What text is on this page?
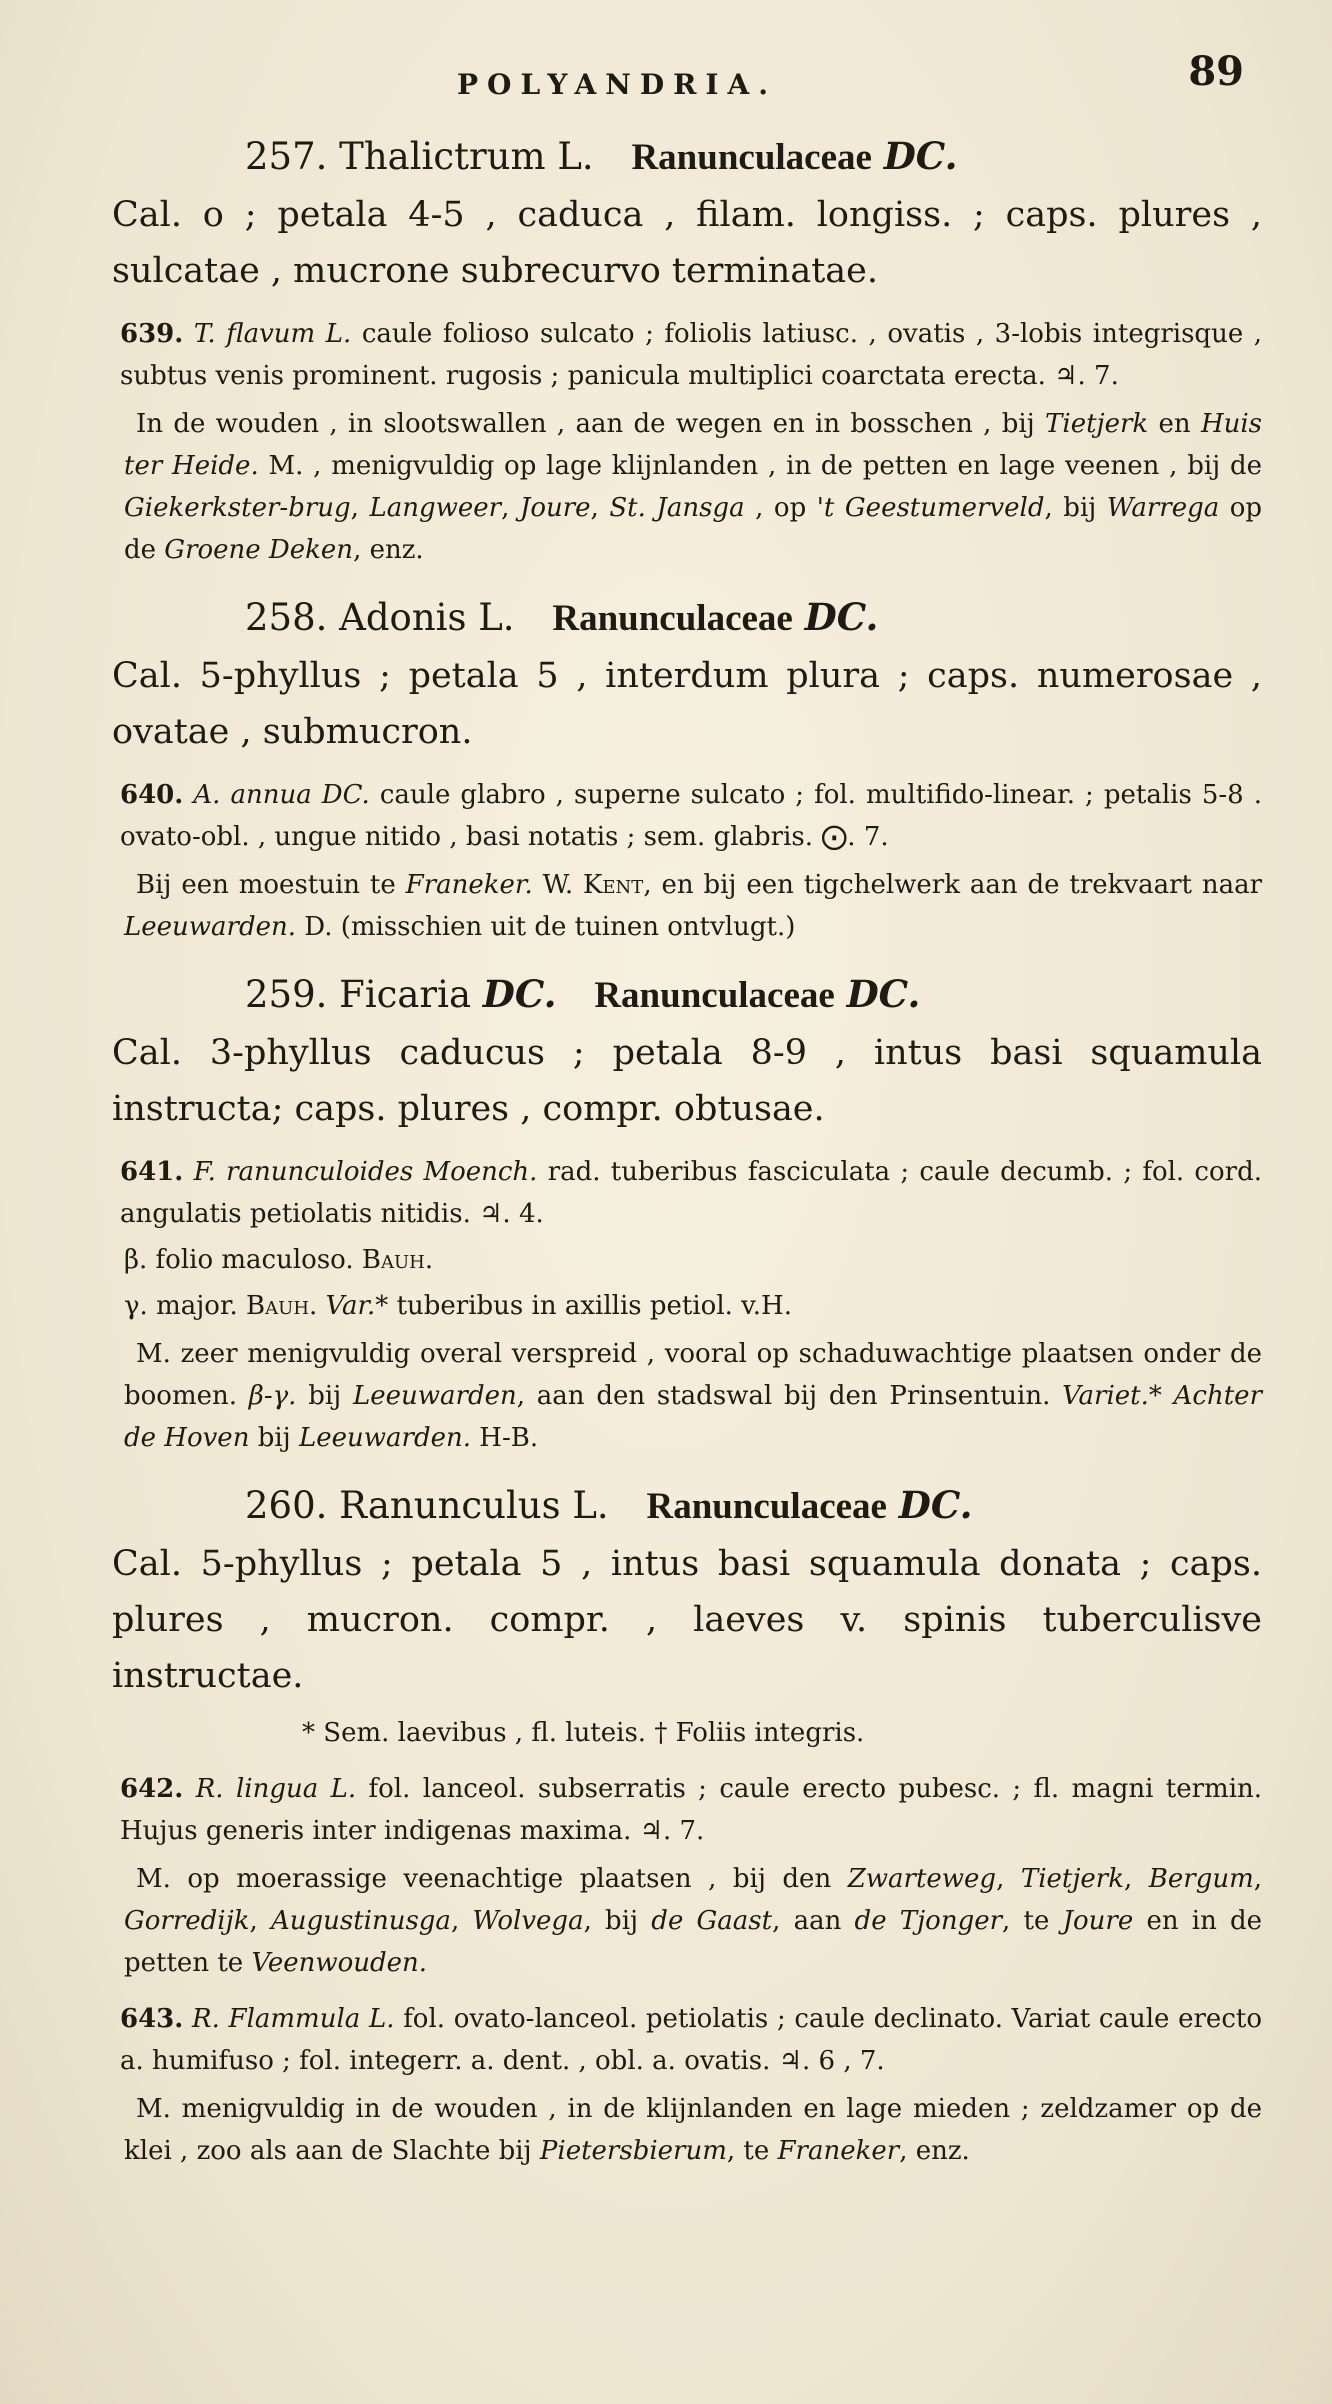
POLYANDRIA.	89
257. Thalictrum L. Ranunculaceae DC.

Cal. o ; petala 4-5 , caduca , filam. longiss. ; caps. plures , sulcatae , mucrone subrecurvo terminatae.

639. T. flavum L. caule folioso sulcato ; foliolis latiusc. , ovatis , 3-lobis integrisque , subtus venis prominent. rugosis ; panicula multiplici coarctata erecta. ♃. 7.

In de wouden , in slootswallen , aan de wegen en in bosschen , bij Tietjerk en Huis ter Heide. M. , menigvuldig op lage klijnlanden , in de petten en lage veenen , bij de Giekerkster-brug, Langweer, Joure, St. Jansga , op 't Geestumerveld, bij Warrega op de Groene Deken, enz.

258. Adonis L. Ranunculaceae DC.

Cal. 5-phyllus ; petala 5 , interdum plura ; caps. numerosae , ovatae , submucron.

640. A. annua DC. caule glabro , superne sulcato ; fol. multifido-linear. ; petalis 5-8 . ovato-obl. , ungue nitido , basi notatis ; sem. glabris. ⨀. 7.

Bij een moestuin te Franeker. W. Kent, en bij een tigchelwerk aan de trekvaart naar Leeuwarden. D. (misschien uit de tuinen ontvlugt.)

259. Ficaria DC. Ranunculaceae DC.

Cal. 3-phyllus caducus ; petala 8-9 , intus basi squamula instructa; caps. plures , compr. obtusae.

641. F. ranunculoides Moench. rad. tuberibus fasciculata ; caule decumb. ; fol. cord. angulatis petiolatis nitidis. ♃. 4.

β. folio maculoso. Bauh.

γ. major. Bauh. Var.* tuberibus in axillis petiol. v.H.

M. zeer menigvuldig overal verspreid , vooral op schaduwachtige plaatsen onder de boomen. β-γ. bij Leeuwarden, aan den stadswal bij den Prinsentuin. Variet.* Achter de Hoven bij Leeuwarden. H-B.

260. Ranunculus L. Ranunculaceae DC.

Cal. 5-phyllus ; petala 5 , intus basi squamula donata ; caps. plures , mucron. compr. , laeves v. spinis tuberculisve instructae.

* Sem. laevibus , fl. luteis. † Foliis integris.

642. R. lingua L. fol. lanceol. subserratis ; caule erecto pubesc. ; fl. magni termin. Hujus generis inter indigenas maxima. ♃. 7.

M. op moerassige veenachtige plaatsen , bij den Zwarteweg, Tietjerk, Bergum, Gorredijk, Augustinusga, Wolvega, bij de Gaast, aan de Tjonger, te Joure en in de petten te Veenwouden.

643. R. Flammula L. fol. ovato-lanceol. petiolatis ; caule declinato. Variat caule erecto a. humifuso ; fol. integerr. a. dent. , obl. a. ovatis. ♃. 6 , 7.

M. menigvuldig in de wouden , in de klijnlanden en lage mieden ; zeldzamer op de klei , zoo als aan de Slachte bij Pietersbierum, te Franeker, enz.
